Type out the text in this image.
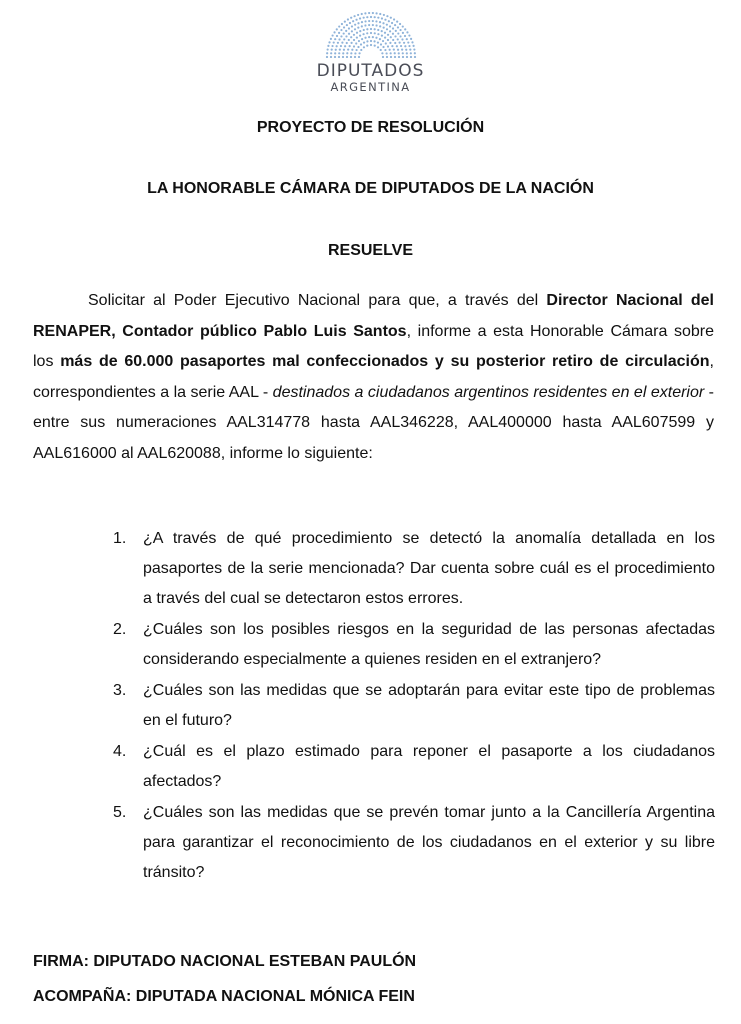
DIPUTADOS
ARGENTINA
PROYECTO DE RESOLUCIÓN
LA HONORABLE CÁMARA DE DIPUTADOS DE LA NACIÓN
RESUELVE

Solicitar al Poder Ejecutivo Nacional para que, a través del Director Nacional del RENAPER, Contador público Pablo Luis Santos, informe a esta Honorable Cámara sobre los más de 60.000 pasaportes mal confeccionados y su posterior retiro de circulación, correspondientes a la serie AAL - destinados a ciudadanos argentinos residentes en el exterior - entre sus numeraciones AAL314778 hasta AAL346228, AAL400000 hasta AAL607599 y AAL616000 al AAL620088, informe lo siguiente:

1. ¿A través de qué procedimiento se detectó la anomalía detallada en los pasaportes de la serie mencionada? Dar cuenta sobre cuál es el procedimiento a través del cual se detectaron estos errores.
2. ¿Cuáles son los posibles riesgos en la seguridad de las personas afectadas considerando especialmente a quienes residen en el extranjero?
3. ¿Cuáles son las medidas que se adoptarán para evitar este tipo de problemas en el futuro?
4. ¿Cuál es el plazo estimado para reponer el pasaporte a los ciudadanos afectados?
5. ¿Cuáles son las medidas que se prevén tomar junto a la Cancillería Argentina para garantizar el reconocimiento de los ciudadanos en el exterior y su libre tránsito?
FIRMA: DIPUTADO NACIONAL ESTEBAN PAULÓN
ACOMPAÑA: DIPUTADA NACIONAL MÓNICA FEIN
